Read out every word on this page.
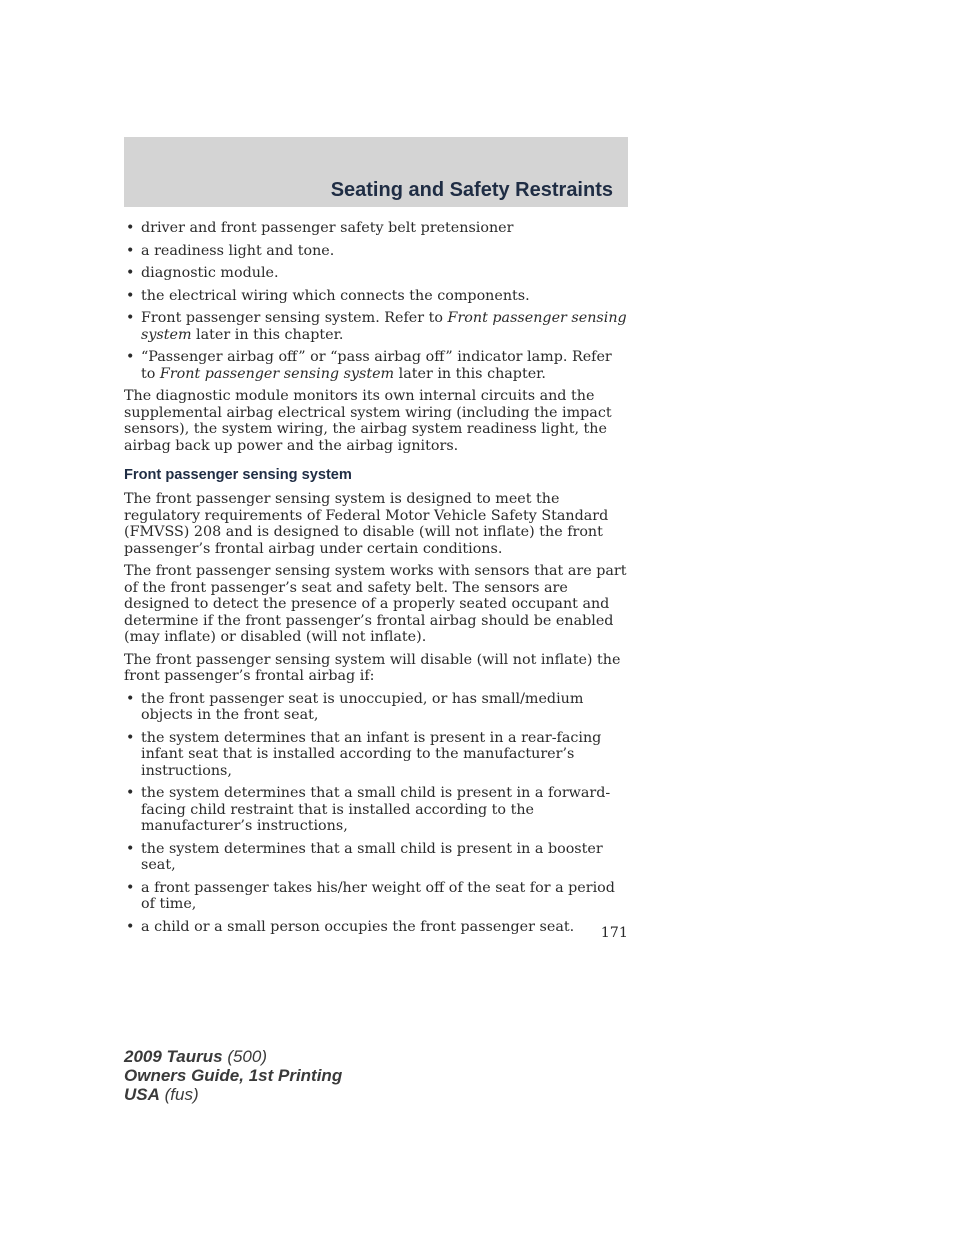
Seating and Safety Restraints
• driver and front passenger safety belt pretensioner
• a readiness light and tone.
• diagnostic module.
• the electrical wiring which connects the components.
• Front passenger sensing system. Refer to Front passenger sensing system later in this chapter.
• “Passenger airbag off” or “pass airbag off” indicator lamp. Refer to Front passenger sensing system later in this chapter.

The diagnostic module monitors its own internal circuits and the supplemental airbag electrical system wiring (including the impact sensors), the system wiring, the airbag system readiness light, the airbag back up power and the airbag ignitors.

Front passenger sensing system

The front passenger sensing system is designed to meet the regulatory requirements of Federal Motor Vehicle Safety Standard (FMVSS) 208 and is designed to disable (will not inflate) the front passenger’s frontal airbag under certain conditions.

The front passenger sensing system works with sensors that are part of the front passenger’s seat and safety belt. The sensors are designed to detect the presence of a properly seated occupant and determine if the front passenger’s frontal airbag should be enabled (may inflate) or disabled (will not inflate).

The front passenger sensing system will disable (will not inflate) the front passenger’s frontal airbag if:

• the front passenger seat is unoccupied, or has small/medium objects in the front seat,
• the system determines that an infant is present in a rear-facing infant seat that is installed according to the manufacturer’s instructions,
• the system determines that a small child is present in a forward-facing child restraint that is installed according to the manufacturer’s instructions,
• the system determines that a small child is present in a booster seat,
• a front passenger takes his/her weight off of the seat for a period of time,
• a child or a small person occupies the front passenger seat.	171
2009 Taurus (500)
Owners Guide, 1st Printing
USA (fus)
